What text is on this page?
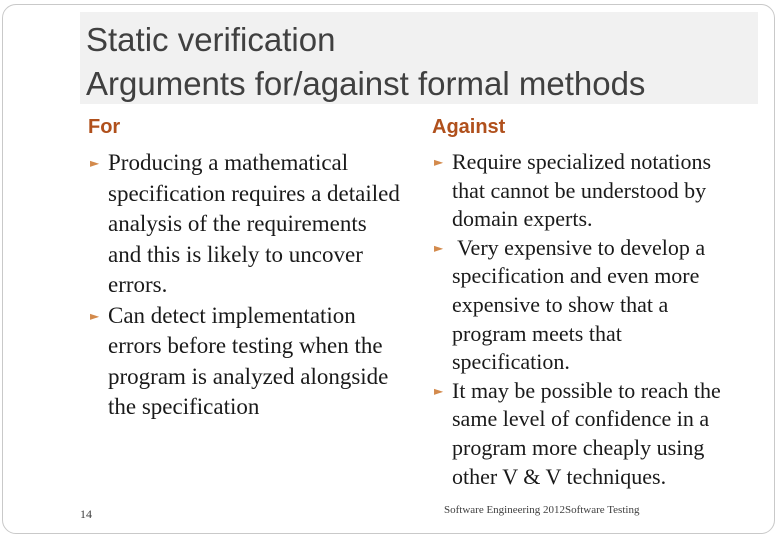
Static verification
Arguments for/against formal methods
For	Against

► Producing a mathematical specification requires a detailed analysis of the requirements and this is likely to uncover errors.

► Can detect implementation errors before testing when the program is analyzed alongside the specification

► Require specialized notations that cannot be understood by domain experts.

► Very expensive to develop a specification and even more expensive to show that a program meets that specification.

► It may be possible to reach the same level of confidence in a program more cheaply using other V & V techniques.

14	Software Engineering 2012Software Testing
